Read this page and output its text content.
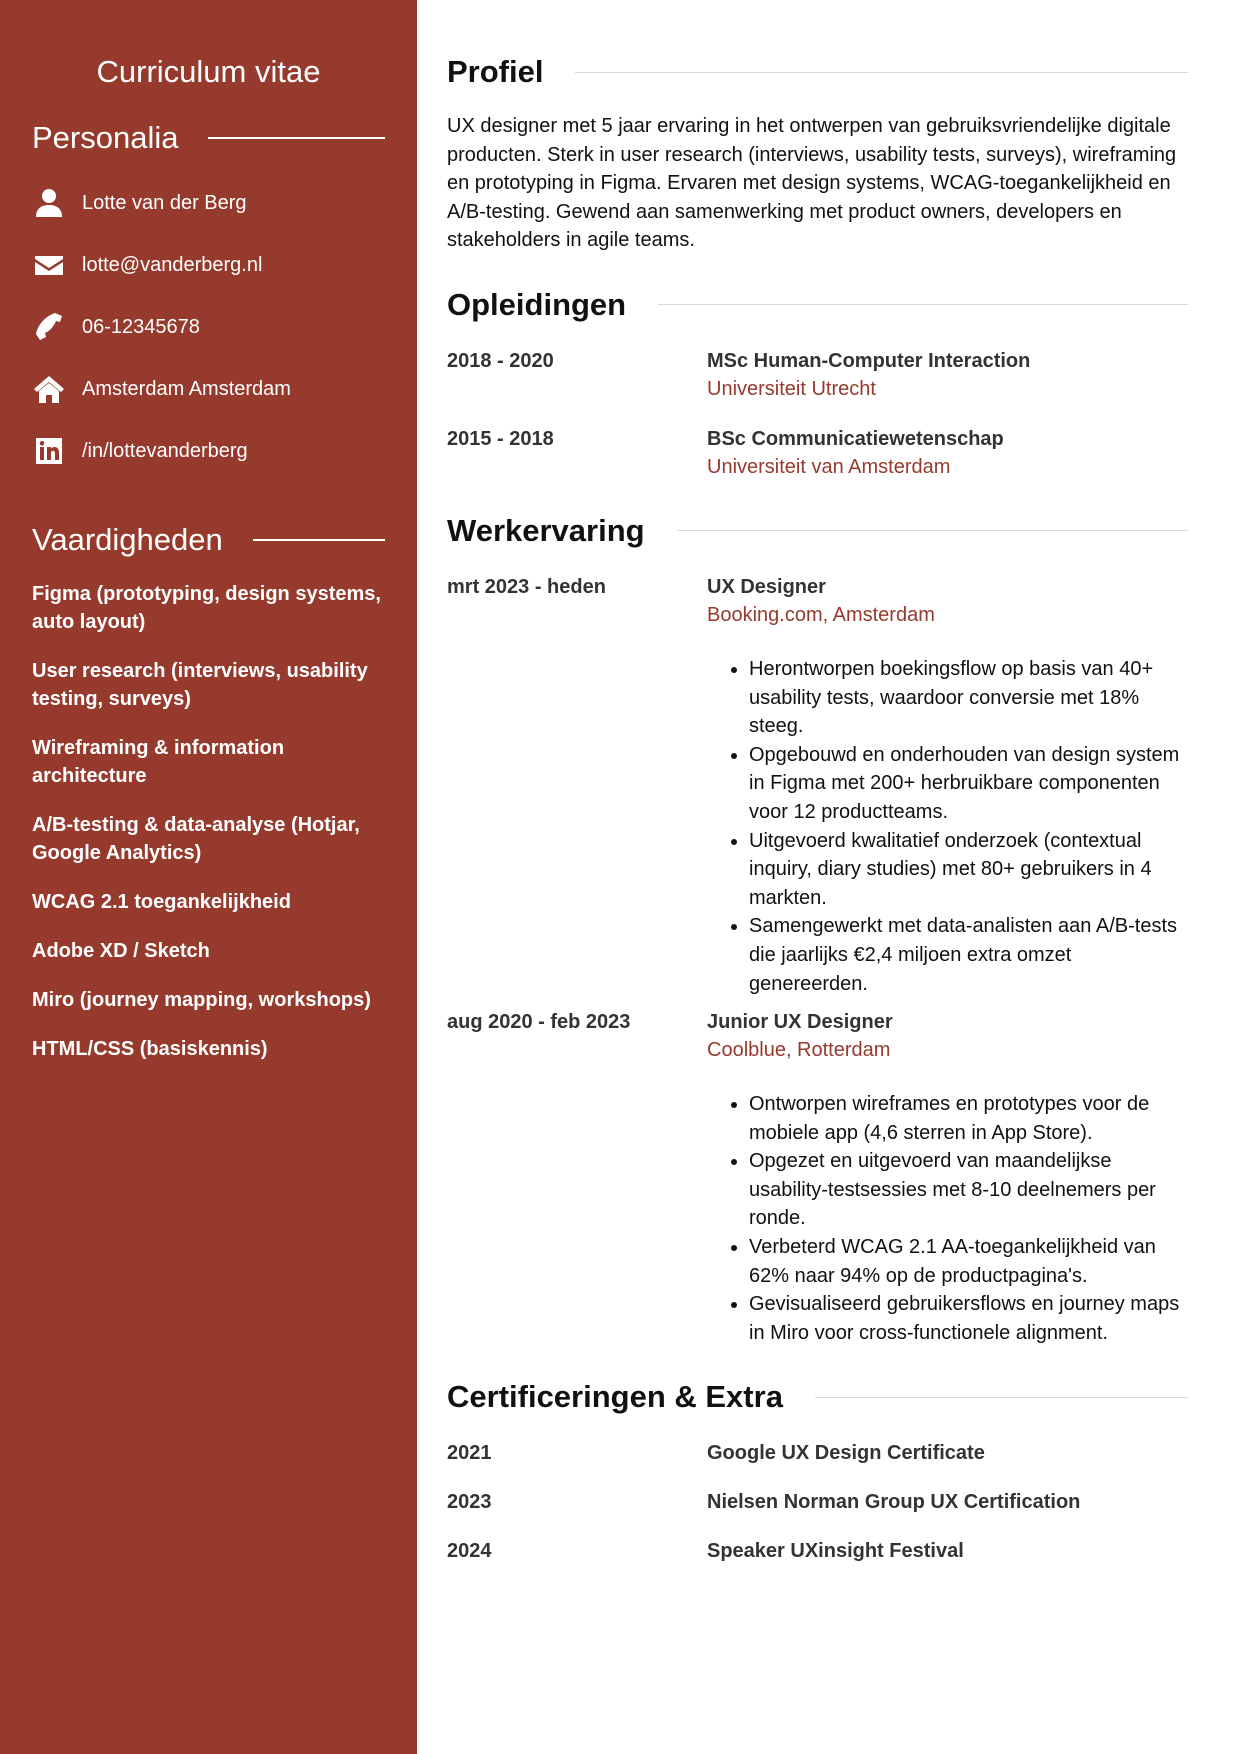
Curriculum vitae
Personalia
Lotte van der Berg
lotte@vanderberg.nl
06-12345678
Amsterdam Amsterdam
/in/lottevanderberg
Vaardigheden
Figma (prototyping, design systems, auto layout)
User research (interviews, usability testing, surveys)
Wireframing & information architecture
A/B-testing & data-analyse (Hotjar, Google Analytics)
WCAG 2.1 toegankelijkheid
Adobe XD / Sketch
Miro (journey mapping, workshops)
HTML/CSS (basiskennis)
Profiel

UX designer met 5 jaar ervaring in het ontwerpen van gebruiksvriendelijke digitale producten. Sterk in user research (interviews, usability tests, surveys), wireframing en prototyping in Figma. Ervaren met design systems, WCAG-toegankelijkheid en A/B-testing. Gewend aan samenwerking met product owners, developers en stakeholders in agile teams.

Opleidingen
2018 - 2020	MSc Human-Computer Interaction
Universiteit Utrecht
2015 - 2018	BSc Communicatiewetenschap
Universiteit van Amsterdam
Werkervaring
mrt 2023 - heden	UX Designer
Booking.com, Amsterdam
• Herontworpen boekingsflow op basis van 40+ usability tests, waardoor conversie met 18% steeg.
• Opgebouwd en onderhouden van design system in Figma met 200+ herbruikbare componenten voor 12 productteams.
• Uitgevoerd kwalitatief onderzoek (contextual inquiry, diary studies) met 80+ gebruikers in 4 markten.
• Samengewerkt met data-analisten aan A/B-tests die jaarlijks €2,4 miljoen extra omzet genereerden.
aug 2020 - feb 2023	Junior UX Designer
Coolblue, Rotterdam
• Ontworpen wireframes en prototypes voor de mobiele app (4,6 sterren in App Store).
• Opgezet en uitgevoerd van maandelijkse usability-testsessies met 8-10 deelnemers per ronde.
• Verbeterd WCAG 2.1 AA-toegankelijkheid van 62% naar 94% op de productpagina's.
• Gevisualiseerd gebruikersflows en journey maps in Miro voor cross-functionele alignment.
Certificeringen & Extra
2021	Google UX Design Certificate
2023	Nielsen Norman Group UX Certification
2024	Speaker UXinsight Festival
